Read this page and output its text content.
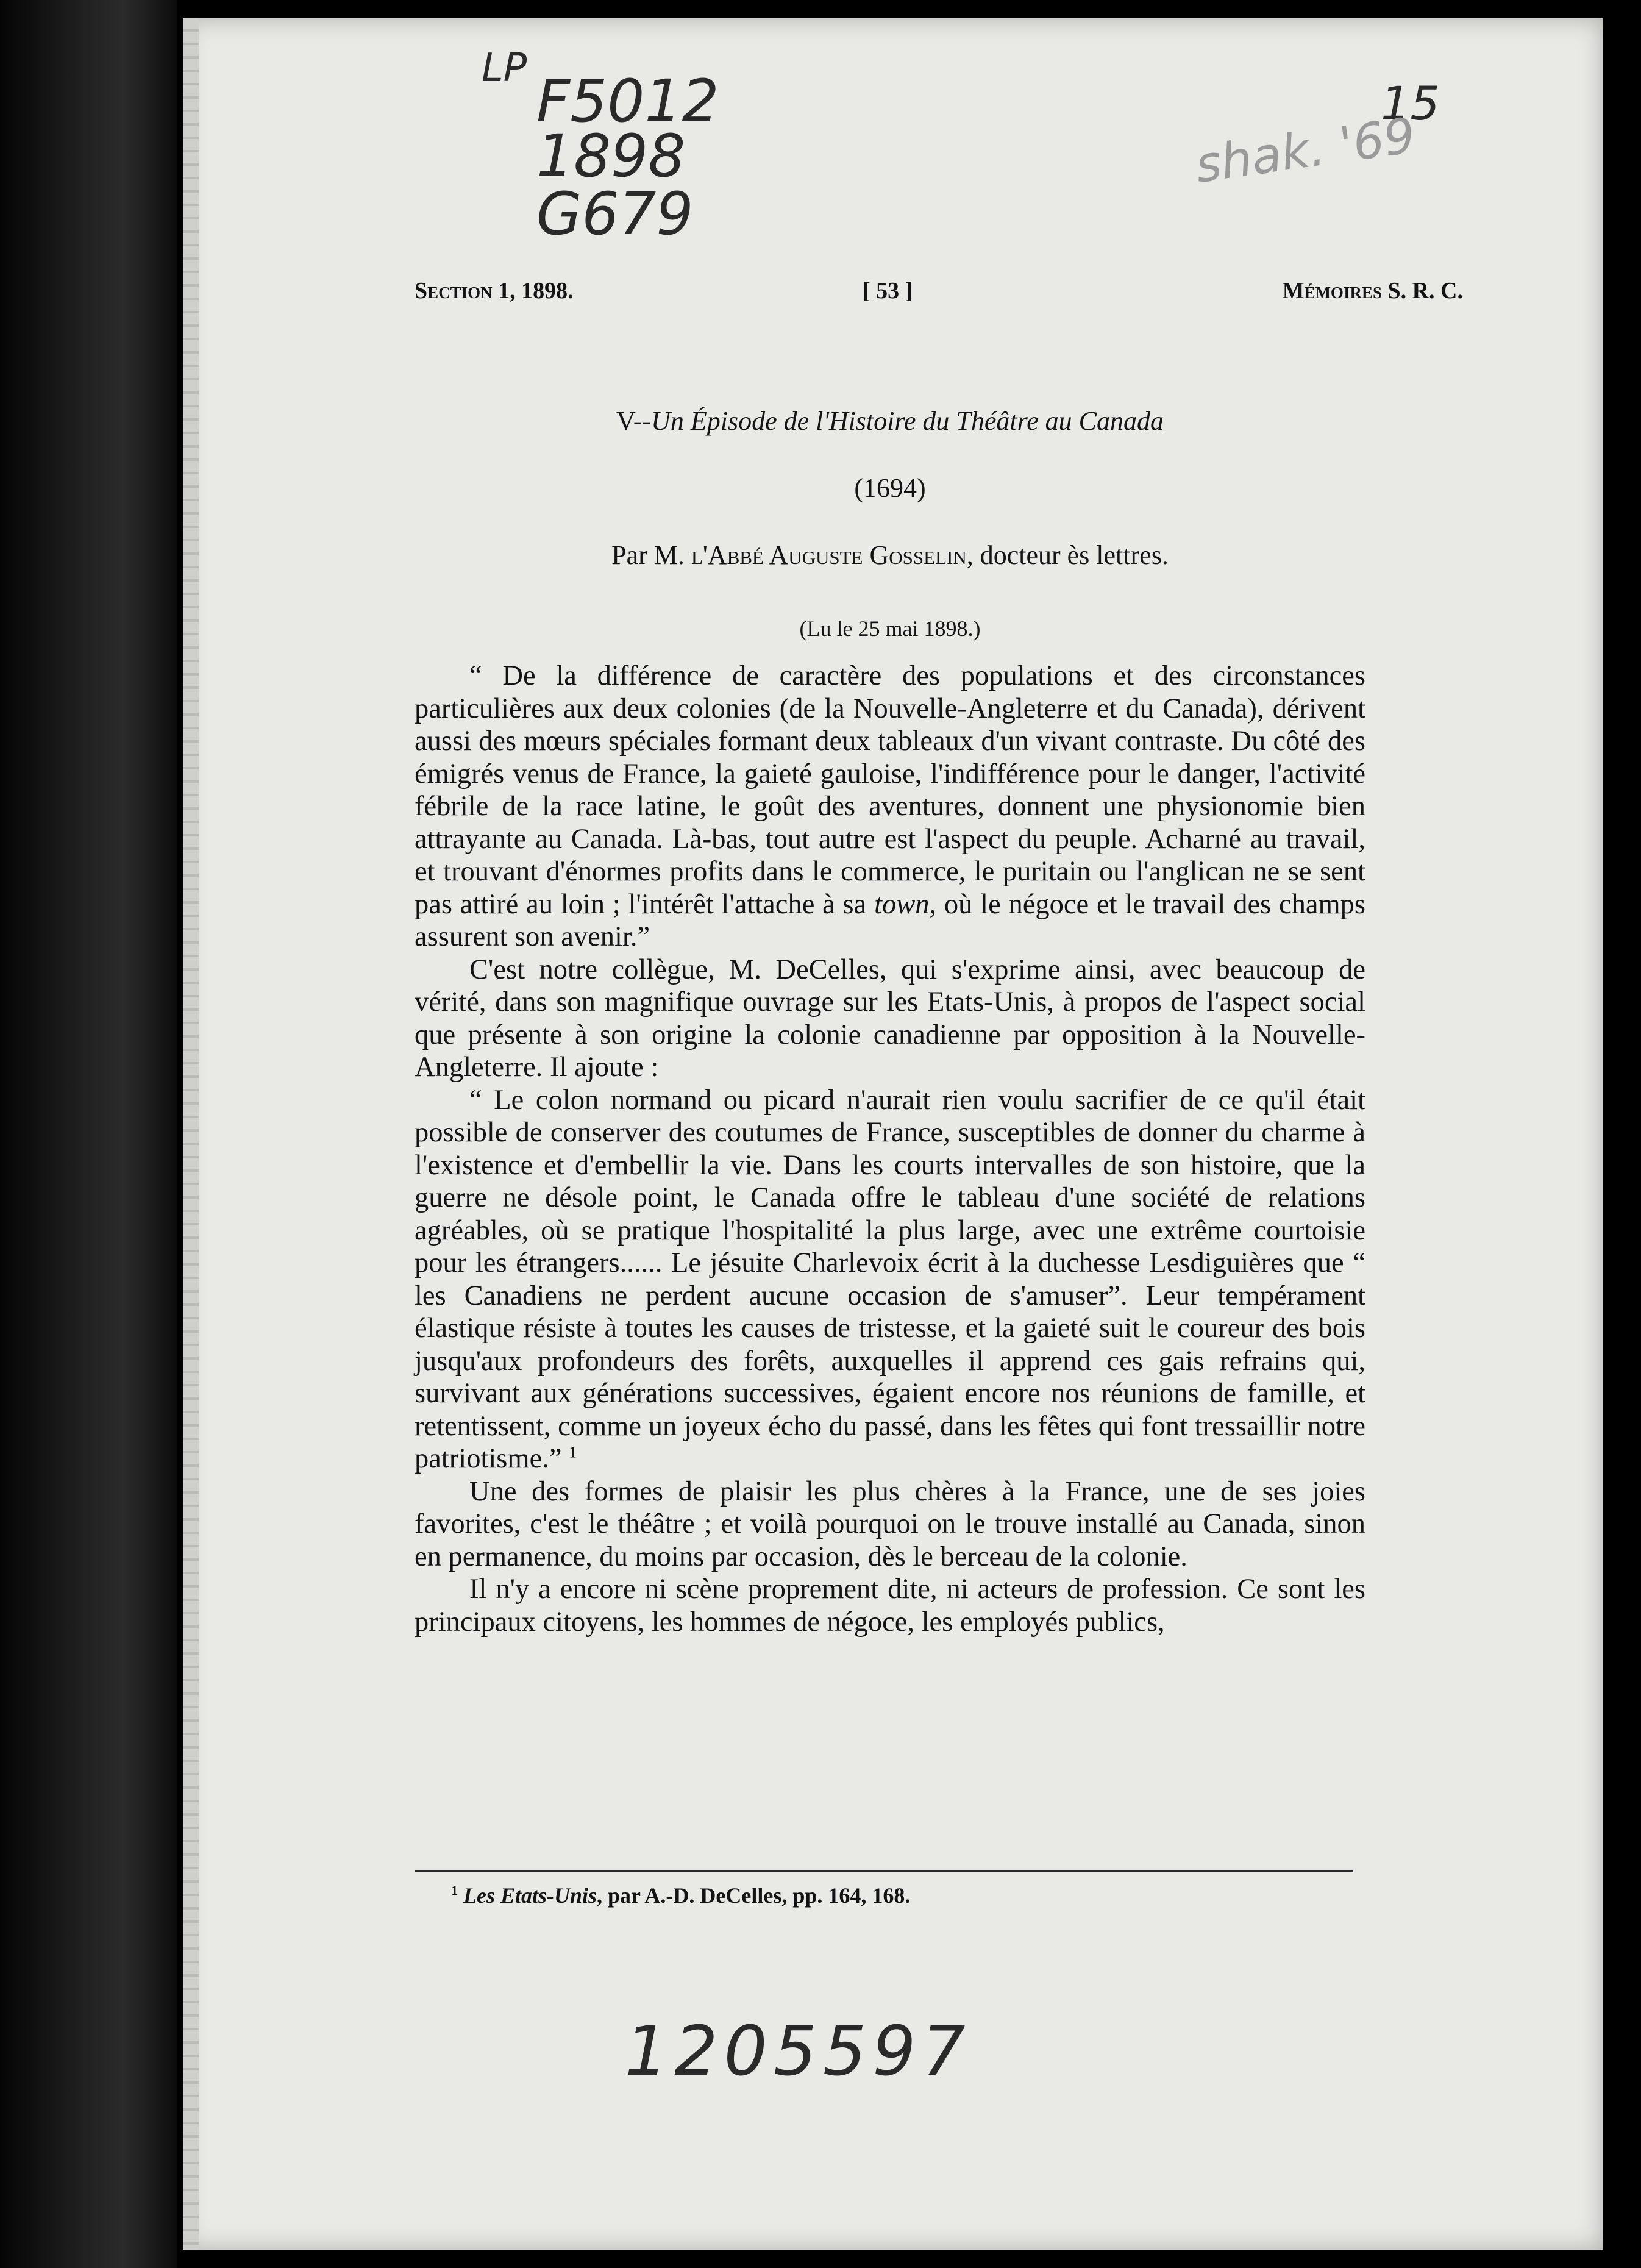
LP F5012
1898
G679
15
shak. '69
1205597
Section 1, 1898.	[ 53 ]	Mémoires S. R. C.
V--Un Épisode de l'Histoire du Théâtre au Canada
(1694)
Par M. l'Abbé Auguste Gosselin, docteur ès lettres.
(Lu le 25 mai 1898.)

“ De la différence de caractère des populations et des circonstances particulières aux deux colonies (de la Nouvelle-Angleterre et du Canada), dérivent aussi des mœurs spéciales formant deux tableaux d'un vivant contraste. Du côté des émigrés venus de France, la gaieté gauloise, l'indifférence pour le danger, l'activité fébrile de la race latine, le goût des aventures, donnent une physionomie bien attrayante au Canada. Là-bas, tout autre est l'aspect du peuple. Acharné au travail, et trouvant d'énormes profits dans le commerce, le puritain ou l'anglican ne se sent pas attiré au loin ; l'intérêt l'attache à sa town, où le négoce et le travail des champs assurent son avenir.”

C'est notre collègue, M. DeCelles, qui s'exprime ainsi, avec beaucoup de vérité, dans son magnifique ouvrage sur les Etats-Unis, à propos de l'aspect social que présente à son origine la colonie canadienne par opposition à la Nouvelle-Angleterre. Il ajoute :

“ Le colon normand ou picard n'aurait rien voulu sacrifier de ce qu'il était possible de conserver des coutumes de France, susceptibles de donner du charme à l'existence et d'embellir la vie. Dans les courts intervalles de son histoire, que la guerre ne désole point, le Canada offre le tableau d'une société de relations agréables, où se pratique l'hospitalité la plus large, avec une extrême courtoisie pour les étrangers...... Le jésuite Charlevoix écrit à la duchesse Lesdiguières que “ les Canadiens ne perdent aucune occasion de s'amuser”. Leur tempérament élastique résiste à toutes les causes de tristesse, et la gaieté suit le coureur des bois jusqu'aux profondeurs des forêts, auxquelles il apprend ces gais refrains qui, survivant aux générations successives, égaient encore nos réunions de famille, et retentissent, comme un joyeux écho du passé, dans les fêtes qui font tressaillir notre patriotisme.” $^1$

Une des formes de plaisir les plus chères à la France, une de ses joies favorites, c'est le théâtre ; et voilà pourquoi on le trouve installé au Canada, sinon en permanence, du moins par occasion, dès le berceau de la colonie.

Il n'y a encore ni scène proprement dite, ni acteurs de profession. Ce sont les principaux citoyens, les hommes de négoce, les employés publics,

$^1$ Les Etats-Unis, par A.-D. DeCelles, pp. 164, 168.
